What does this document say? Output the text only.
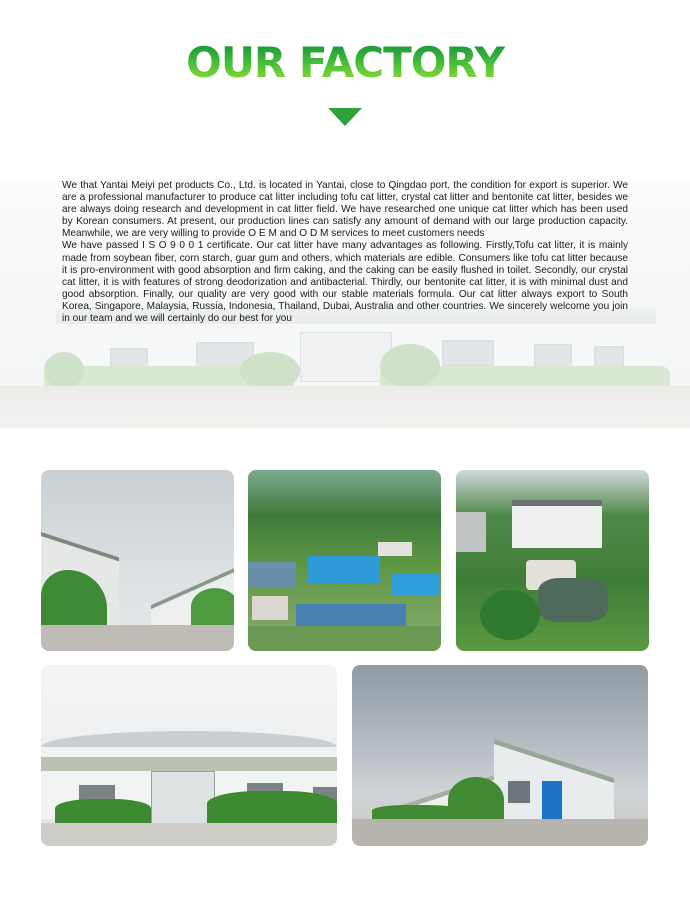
OUR FACTORY

We that Yantai Meiyi pet products Co., Ltd. is located in Yantai, close to Qingdao port, the condition for export is superior. We are a professional manufacturer to produce cat litter including tofu cat litter, crystal cat litter and bentonite cat litter, besides we are always doing research and development in cat litter field. We have researched one unique cat litter which has been used by Korean consumers. At present, our production lines can satisfy any amount of demand with our large production capacity. Meanwhile, we are very willing to provide O E M and O D M services to meet customers needs

We have passed I S O 9 0 0 1 certificate. Our cat litter have many advantages as following. Firstly,Tofu cat litter, it is mainly made from soybean fiber, corn starch, guar gum and others, which materials are edible. Consumers like tofu cat litter because it is pro-environment with good absorption and firm caking, and the caking can be easily flushed in toilet. Secondly, our crystal cat litter, it is with features of strong deodorization and antibacterial. Thirdly, our bentonite cat litter, it is with minimal dust and good absorption. Finally, our quality are very good with our stable materials formula. Our cat litter always export to South Korea, Singapore, Malaysia, Russia, Indonesia, Thailand, Dubai, Australia and other countries. We sincerely welcome you join in our team and we will certainly do our best for you
